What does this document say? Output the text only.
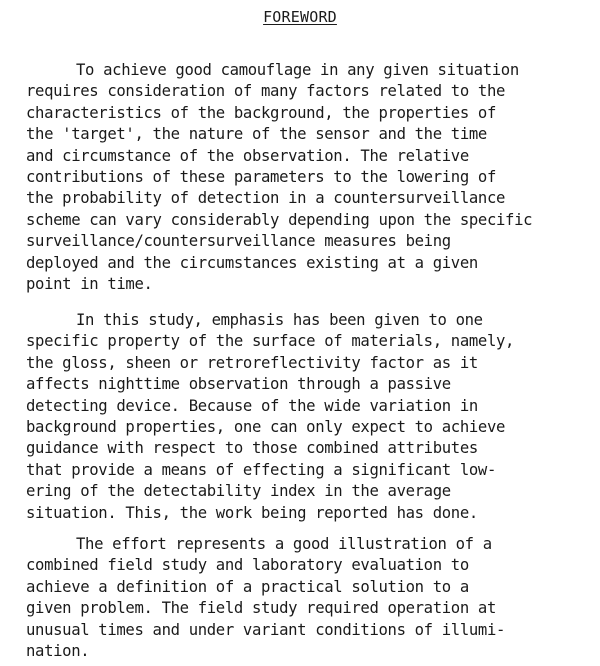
FOREWORD
To achieve good camouflage in any given situation
requires consideration of many factors related to the
characteristics of the background, the properties of
the 'target', the nature of the sensor and the time
and circumstance of the observation. The relative
contributions of these parameters to the lowering of
the probability of detection in a countersurveillance
scheme can vary considerably depending upon the specific
surveillance/countersurveillance measures being
deployed and the circumstances existing at a given
point in time.
In this study, emphasis has been given to one
specific property of the surface of materials, namely,
the gloss, sheen or retroreflectivity factor as it
affects nighttime observation through a passive
detecting device. Because of the wide variation in
background properties, one can only expect to achieve
guidance with respect to those combined attributes
that provide a means of effecting a significant low-
ering of the detectability index in the average
situation. This, the work being reported has done.
The effort represents a good illustration of a
combined field study and laboratory evaluation to
achieve a definition of a practical solution to a
given problem. The field study required operation at
unusual times and under variant conditions of illumi-
nation.
